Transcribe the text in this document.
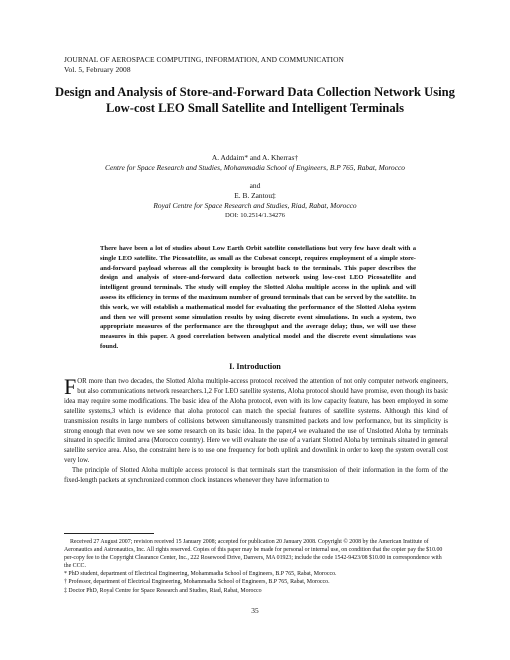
JOURNAL OF AEROSPACE COMPUTING, INFORMATION, AND COMMUNICATION
Vol. 5, February 2008
Design and Analysis of Store-and-Forward Data Collection Network Using Low-cost LEO Small Satellite and Intelligent Terminals
A. Addaim* and A. Kherras†
Centre for Space Research and Studies, Mohammadia School of Engineers, B.P 765, Rabat, Morocco
and
E. B. Zantou‡
Royal Centre for Space Research and Studies, Riad, Rabat, Morocco
DOI: 10.2514/1.34276
There have been a lot of studies about Low Earth Orbit satellite constellations but very few have dealt with a single LEO satellite. The Picosatellite, as small as the Cubesat concept, requires employment of a simple store-and-forward payload whereas all the complexity is brought back to the terminals. This paper describes the design and analysis of store-and-forward data collection network using low-cost LEO Picosatellite and intelligent ground terminals. The study will employ the Slotted Aloha multiple access in the uplink and will assess its efficiency in terms of the maximum number of ground terminals that can be served by the satellite. In this work, we will establish a mathematical model for evaluating the performance of the Slotted Aloha system and then we will present some simulation results by using discrete event simulations. In such a system, two appropriate measures of the performance are the throughput and the average delay; thus, we will use these measures in this paper. A good correlation between analytical model and the discrete event simulations was found.
I. Introduction

FOR more than two decades, the Slotted Aloha multiple-access protocol received the attention of not only computer network engineers, but also communications network researchers.1,2 For LEO satellite systems, Aloha protocol should have promise, even though its basic idea may require some modifications. The basic idea of the Aloha protocol, even with its low capacity feature, has been employed in some satellite systems,3 which is evidence that aloha protocol can match the special features of satellite systems. Although this kind of transmission results in large numbers of collisions between simultaneously transmitted packets and low performance, but its simplicity is strong enough that even now we see some research on its basic idea. In the paper,4 we evaluated the use of Unslotted Aloha by terminals situated in specific limited area (Morocco country). Here we will evaluate the use of a variant Slotted Aloha by terminals situated in general satellite service area. Also, the constraint here is to use one frequency for both uplink and downlink in order to keep the system overall cost very low.

The principle of Slotted Aloha multiple access protocol is that terminals start the transmission of their information in the form of the fixed-length packets at synchronized common clock instances whenever they have information to

Received 27 August 2007; revision received 15 January 2008; accepted for publication 20 January 2008. Copyright © 2008 by the American Institute of Aeronautics and Astronautics, Inc. All rights reserved. Copies of this paper may be made for personal or internal use, on condition that the copier pay the $10.00 per-copy fee to the Copyright Clearance Center, Inc., 222 Rosewood Drive, Danvers, MA 01923; include the code 1542-9423/08 $10.00 in correspondence with the CCC.

* PhD student, department of Electrical Engineering, Mohammadia School of Engineers, B.P 765, Rabat, Morocco.

† Professor, department of Electrical Engineering, Mohammadia School of Engineers, B.P 765, Rabat, Morocco.

‡ Doctor PhD, Royal Centre for Space Research and Studies, Riad, Rabat, Morocco

35
